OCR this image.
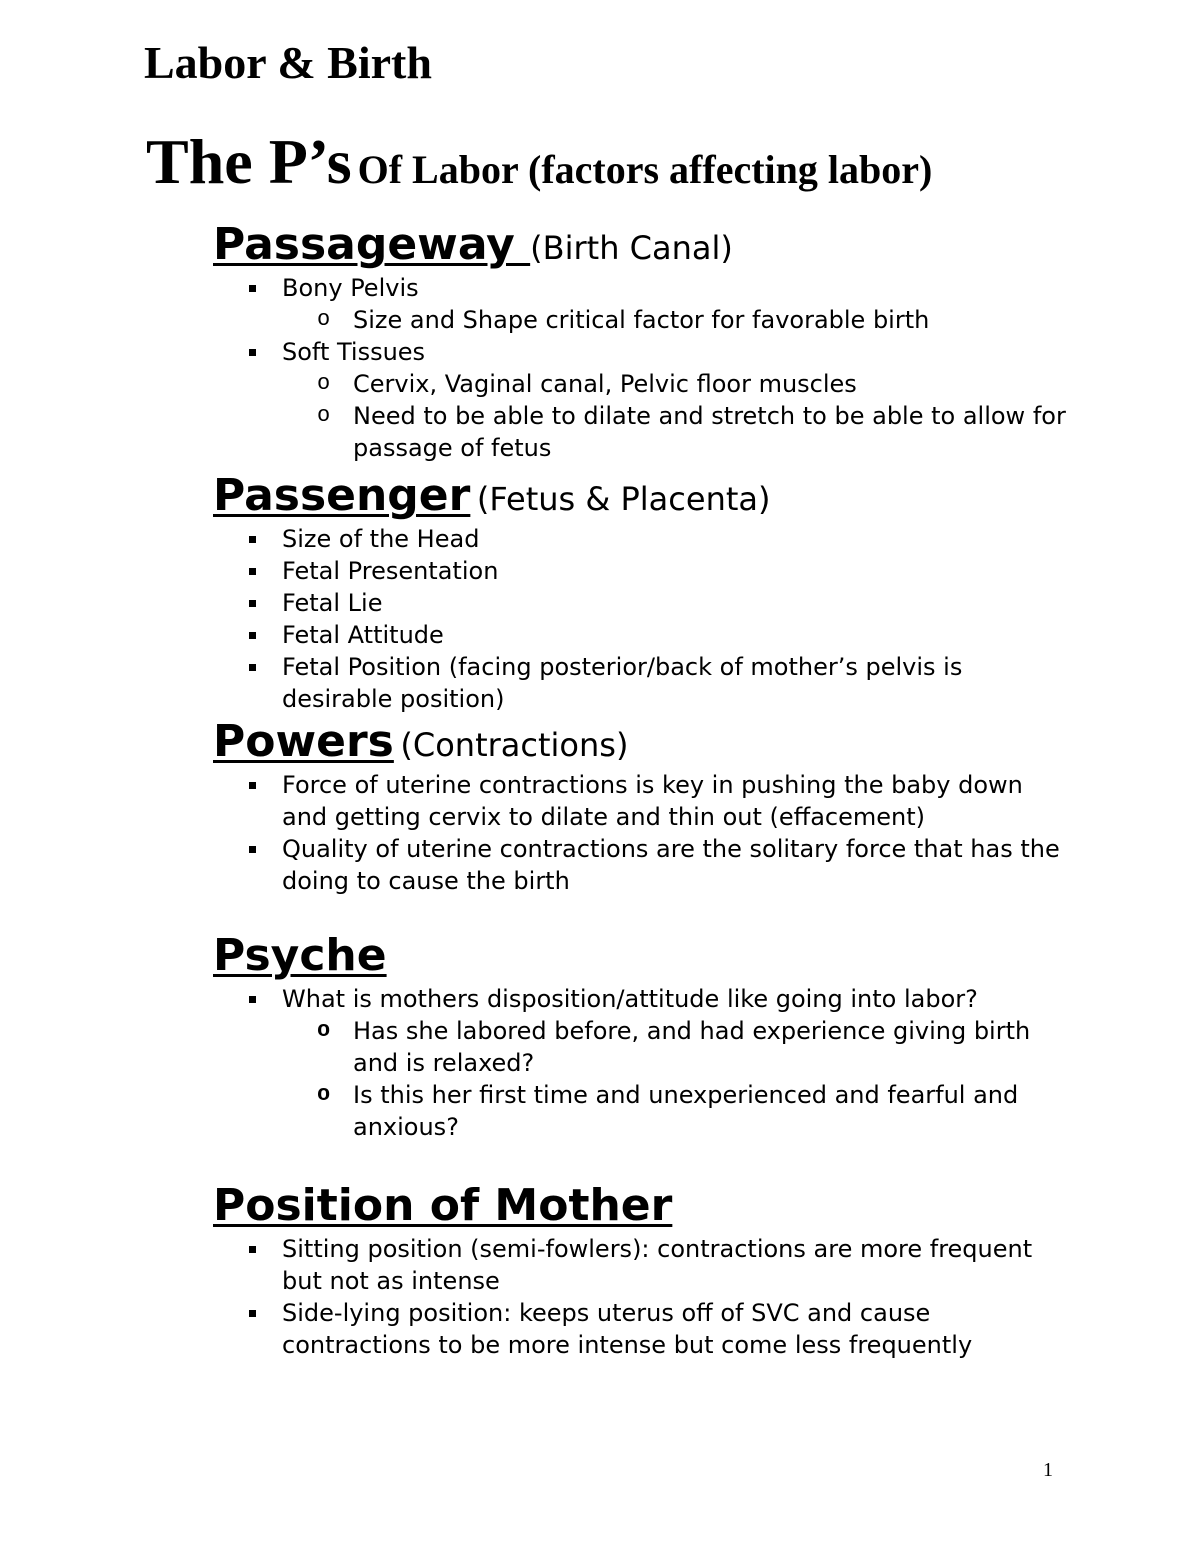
Labor & Birth
The P’s Of Labor (factors affecting labor)
Passageway (Birth Canal)
Bony Pelvis
o Size and Shape critical factor for favorable birth
Soft Tissues
o Cervix, Vaginal canal, Pelvic floor muscles
o Need to be able to dilate and stretch to be able to allow for passage of fetus
Passenger (Fetus & Placenta)
Size of the Head
Fetal Presentation
Fetal Lie
Fetal Attitude
Fetal Position (facing posterior/back of mother’s pelvis is desirable position)
Powers (Contractions)
Force of uterine contractions is key in pushing the baby down and getting cervix to dilate and thin out (effacement)
Quality of uterine contractions are the solitary force that has the doing to cause the birth
Psyche
What is mothers disposition/attitude like going into labor?
o Has she labored before, and had experience giving birth and is relaxed?
o Is this her first time and unexperienced and fearful and anxious?
Position of Mother
Sitting position (semi-fowlers): contractions are more frequent but not as intense
Side-lying position: keeps uterus off of SVC and cause contractions to be more intense but come less frequently

1
